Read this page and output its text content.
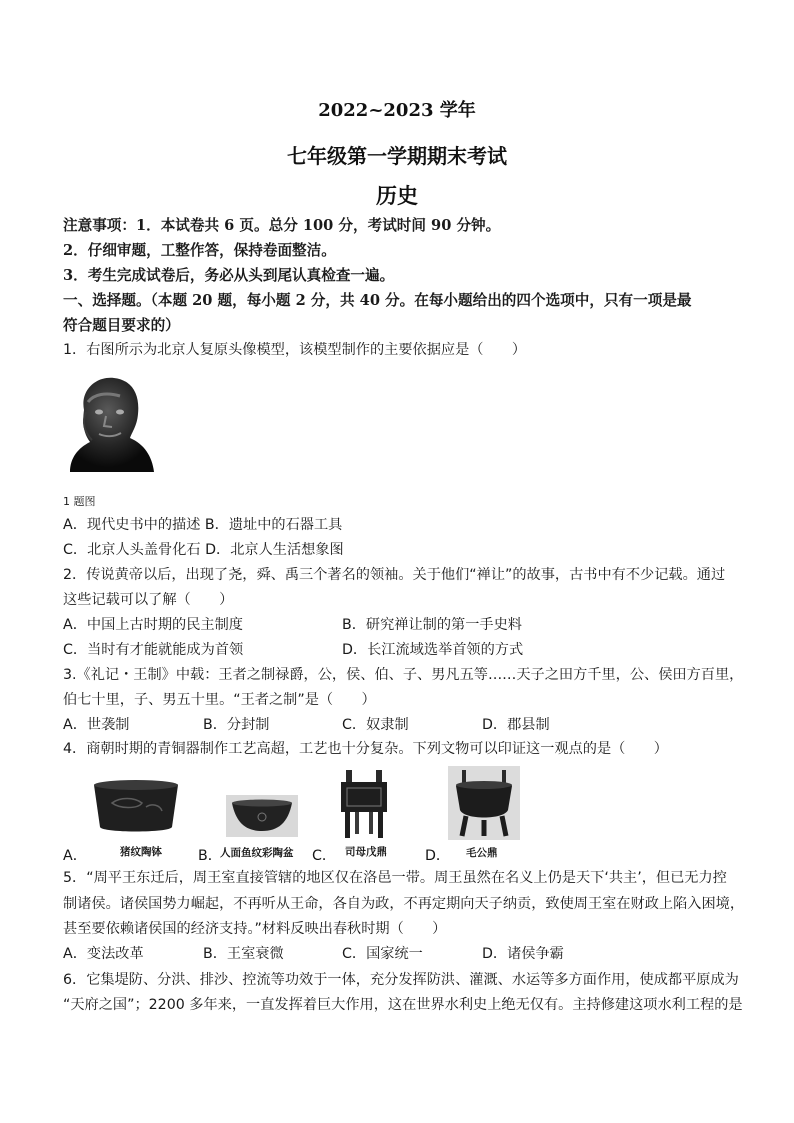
2022~2023 学年
七年级第一学期期末考试
历史
注意事项：1．本试卷共 6 页。总分 100 分，考试时间 90 分钟。
2．仔细审题，工整作答，保持卷面整洁。
3．考生完成试卷后，务必从头到尾认真检查一遍。
一、选择题。（本题 20 题，每小题 2 分，共 40 分。在每小题给出的四个选项中，只有一项是最
符合题目要求的）
1．右图所示为北京人复原头像模型，该模型制作的主要依据应是（　　）
1 题图
A．现代史书中的描述 B．遗址中的石器工具
C．北京人头盖骨化石 D．北京人生活想象图
2．传说黄帝以后，出现了尧，舜、禹三个著名的领袖。关于他们“禅让”的故事，古书中有不少记载。通过
这些记载可以了解（　　）
A．中国上古时期的民主制度	B．研究禅让制的第一手史料
C．当时有才能就能成为首领	D．长江流域选举首领的方式
3.《礼记・王制》中载：王者之制禄爵，公，侯、伯、子、男凡五等……天子之田方千里，公、侯田方百里，
伯七十里，子、男五十里。“王者之制”是（　　）
A．世袭制	B．分封制	C．奴隶制	D．郡县制
4．商朝时期的青铜器制作工艺高超，工艺也十分复杂。下列文物可以印证这一观点的是（　　）
猪纹陶钵	人面鱼纹彩陶盆	司母戊鼎	毛公鼎
A．	B．	C．	D．
5．“周平王东迁后，周王室直接管辖的地区仅在洛邑一带。周王虽然在名义上仍是天下‘共主’，但已无力控
制诸侯。诸侯国势力崛起，不再听从王命，各自为政，不再定期向天子纳贡，致使周王室在财政上陷入困境，
甚至要依赖诸侯国的经济支持。”材料反映出春秋时期（　　）
A．变法改革	B．王室衰微	C．国家统一	D．诸侯争霸
6．它集堤防、分洪、排沙、控流等功效于一体，充分发挥防洪、灌溉、水运等多方面作用，使成都平原成为
“天府之国”；2200 多年来，一直发挥着巨大作用，这在世界水利史上绝无仅有。主持修建这项水利工程的是
